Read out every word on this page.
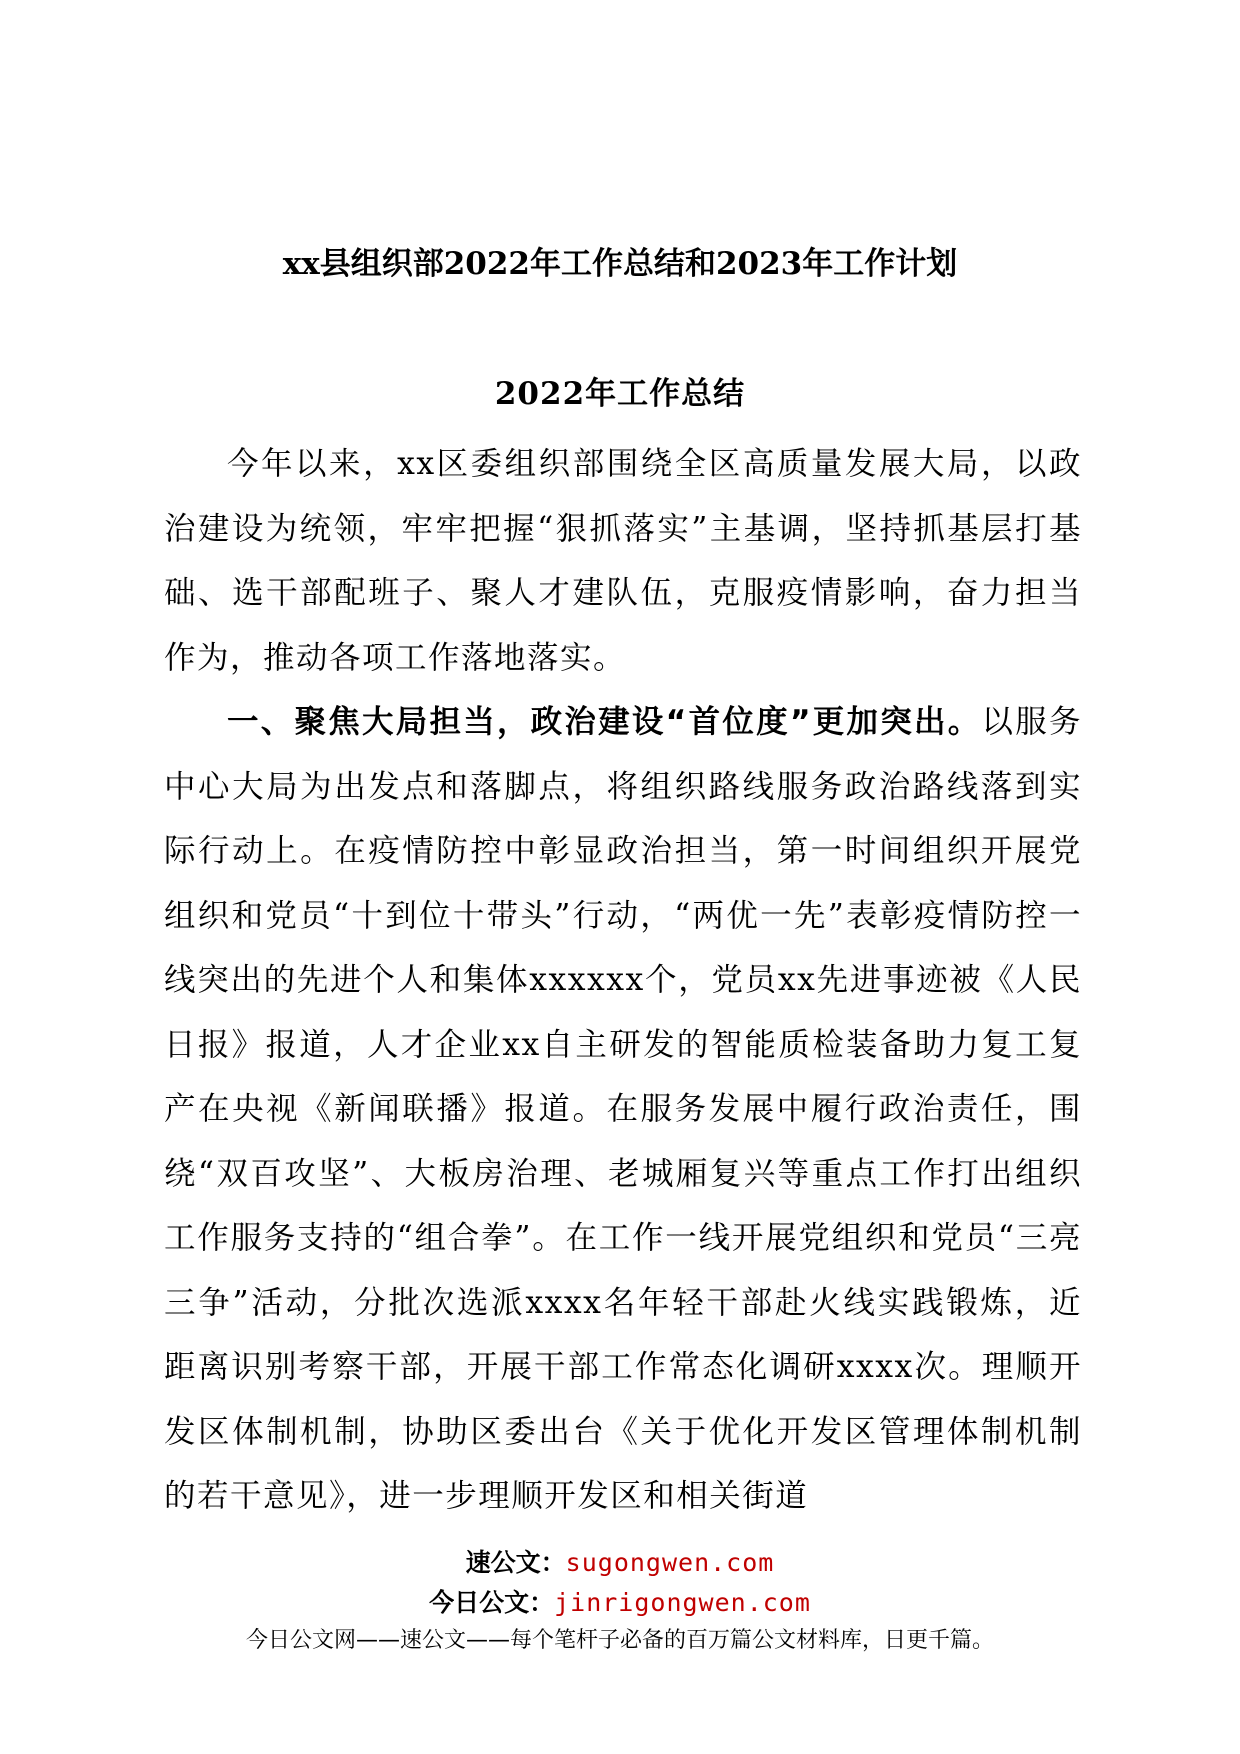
xx县组织部2022年工作总结和2023年工作计划
2022年工作总结

今年以来，xx区委组织部围绕全区高质量发展大局，以政治建设为统领，牢牢把握“狠抓落实”主基调，坚持抓基层打基础、选干部配班子、聚人才建队伍，克服疫情影响，奋力担当作为，推动各项工作落地落实。

一、聚焦大局担当，政治建设“首位度”更加突出。以服务中心大局为出发点和落脚点，将组织路线服务政治路线落到实际行动上。在疫情防控中彰显政治担当，第一时间组织开展党组织和党员“十到位十带头”行动，“两优一先”表彰疫情防控一线突出的先进个人和集体xxxxxx个，党员xx先进事迹被《人民日报》报道，人才企业xx自主研发的智能质检装备助力复工复产在央视《新闻联播》报道。在服务发展中履行政治责任，围绕“双百攻坚”、大板房治理、老城厢复兴等重点工作打出组织工作服务支持的“组合拳”。在工作一线开展党组织和党员“三亮三争”活动，分批次选派xxxx名年轻干部赴火线实践锻炼，近距离识别考察干部，开展干部工作常态化调研xxxx次。理顺开发区体制机制，协助区委出台《关于优化开发区管理体制机制的若干意见》，进一步理顺开发区和相关街道

速公文：sugongwen.com
今日公文：jinrigongwen.com
今日公文网——速公文——每个笔杆子必备的百万篇公文材料库，日更千篇。
